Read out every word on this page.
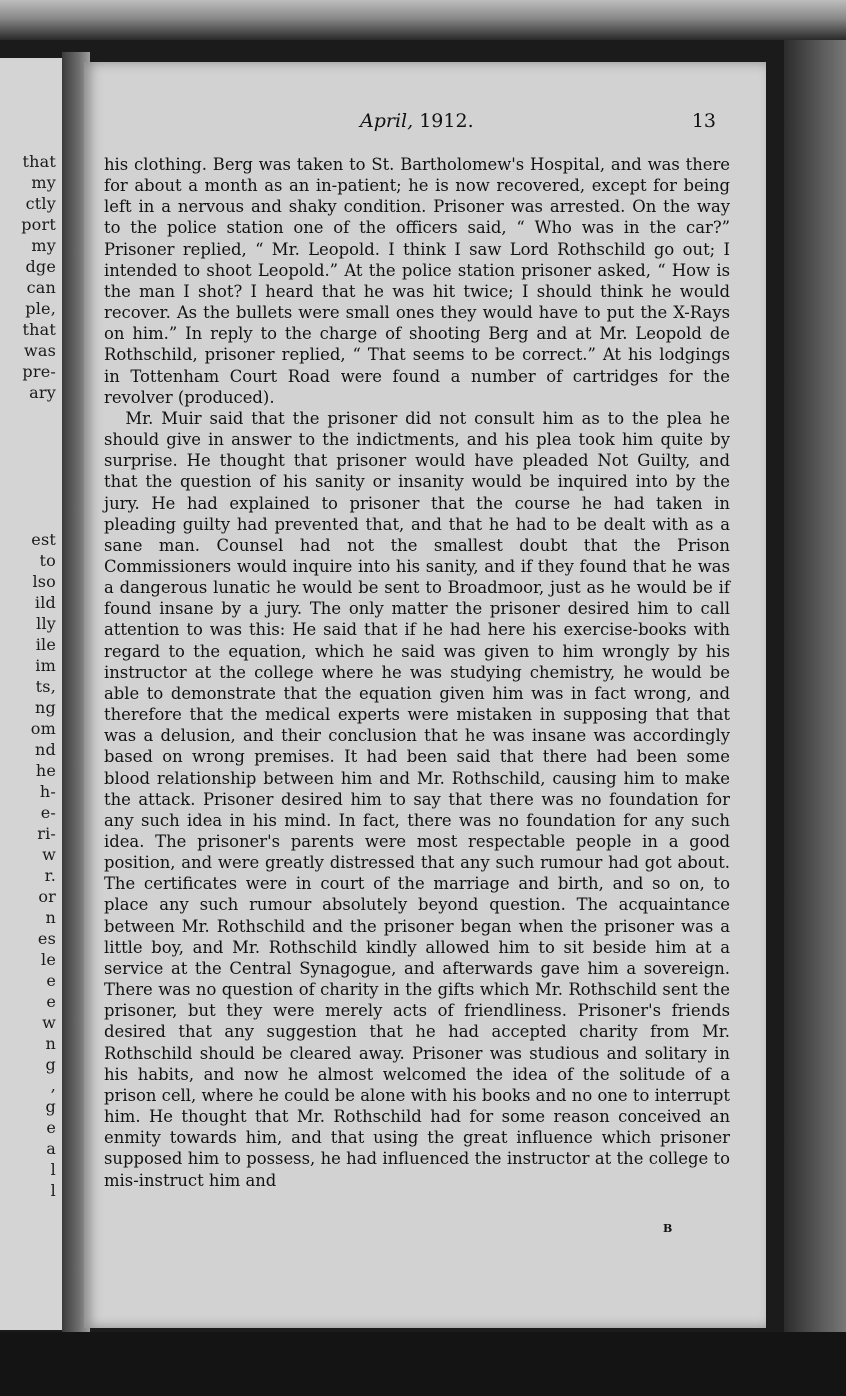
that
my
ctly
port
my
dge
can
ple,
that
was
pre-
ary
est
to
lso
ild
lly
ile
im
ts,
ng
om
nd
he
h-
e-
ri-
w
r.
or
n
es
le
e
e
w
n
g
,
g
e
a
l
l
April, 1912.	13

his clothing. Berg was taken to St. Bartholomew's Hospital, and was there for about a month as an in-patient; he is now recovered, except for being left in a nervous and shaky condition. Prisoner was arrested. On the way to the police station one of the officers said, “ Who was in the car?” Prisoner replied, “ Mr. Leopold. I think I saw Lord Rothschild go out; I intended to shoot Leopold.” At the police station prisoner asked, “ How is the man I shot? I heard that he was hit twice; I should think he would recover. As the bullets were small ones they would have to put the X-Rays on him.” In reply to the charge of shooting Berg and at Mr. Leopold de Rothschild, prisoner replied, “ That seems to be correct.” At his lodgings in Tottenham Court Road were found a number of cartridges for the revolver (produced).

Mr. Muir said that the prisoner did not consult him as to the plea he should give in answer to the indictments, and his plea took him quite by surprise. He thought that prisoner would have pleaded Not Guilty, and that the question of his sanity or insanity would be inquired into by the jury. He had explained to prisoner that the course he had taken in pleading guilty had prevented that, and that he had to be dealt with as a sane man. Counsel had not the smallest doubt that the Prison Commissioners would inquire into his sanity, and if they found that he was a dangerous lunatic he would be sent to Broadmoor, just as he would be if found insane by a jury. The only matter the prisoner desired him to call attention to was this: He said that if he had here his exercise-books with regard to the equation, which he said was given to him wrongly by his instructor at the college where he was studying chemistry, he would be able to demonstrate that the equation given him was in fact wrong, and therefore that the medical experts were mistaken in supposing that that was a delusion, and their conclusion that he was insane was accordingly based on wrong premises. It had been said that there had been some blood relationship between him and Mr. Rothschild, causing him to make the attack. Prisoner desired him to say that there was no foundation for any such idea in his mind. In fact, there was no foundation for any such idea. The prisoner's parents were most respectable people in a good position, and were greatly distressed that any such rumour had got about. The certificates were in court of the marriage and birth, and so on, to place any such rumour absolutely beyond question. The acquaintance between Mr. Rothschild and the prisoner began when the prisoner was a little boy, and Mr. Rothschild kindly allowed him to sit beside him at a service at the Central Synagogue, and afterwards gave him a sovereign. There was no question of charity in the gifts which Mr. Rothschild sent the prisoner, but they were merely acts of friendliness. Prisoner's friends desired that any suggestion that he had accepted charity from Mr. Rothschild should be cleared away. Prisoner was studious and solitary in his habits, and now he almost welcomed the idea of the solitude of a prison cell, where he could be alone with his books and no one to interrupt him. He thought that Mr. Rothschild had for some reason conceived an enmity towards him, and that using the great influence which prisoner supposed him to possess, he had influenced the instructor at the college to mis-instruct him and

B
